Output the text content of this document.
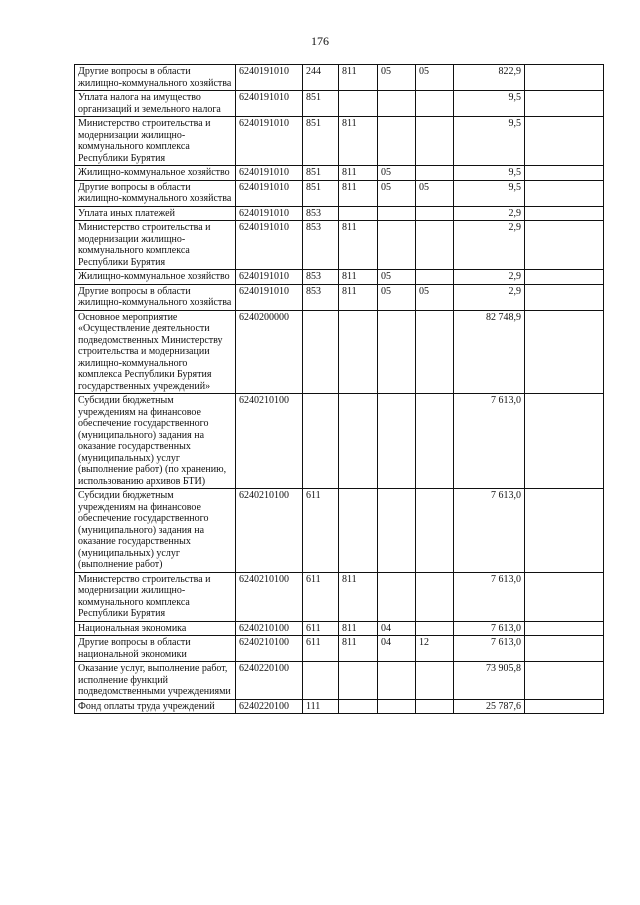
176
Другие вопросы в области жилищно-коммунального хозяйства	6240191010	244	811	05	05	822,9	
Уплата налога на имущество организаций и земельного налога	6240191010	851				9,5	
Министерство строительства и модернизации жилищно-коммунального комплекса Республики Бурятия	6240191010	851	811			9,5	
Жилищно-коммунальное хозяйство	6240191010	851	811	05		9,5	
Другие вопросы в области жилищно-коммунального хозяйства	6240191010	851	811	05	05	9,5	
Уплата иных платежей	6240191010	853				2,9	
Министерство строительства и модернизации жилищно-коммунального комплекса Республики Бурятия	6240191010	853	811			2,9	
Жилищно-коммунальное хозяйство	6240191010	853	811	05		2,9	
Другие вопросы в области жилищно-коммунального хозяйства	6240191010	853	811	05	05	2,9	
Основное мероприятие «Осуществление деятельности подведомственных Министерству строительства и модернизации жилищно-коммунального комплекса Республики Бурятия государственных учреждений»	6240200000					82 748,9	
Субсидии бюджетным учреждениям на финансовое обеспечение государственного (муниципального) задания на оказание государственных (муниципальных) услуг (выполнение работ) (по хранению, использованию архивов БТИ)	6240210100					7 613,0	
Субсидии бюджетным учреждениям на финансовое обеспечение государственного (муниципального) задания на оказание государственных (муниципальных) услуг (выполнение работ)	6240210100	611				7 613,0	
Министерство строительства и модернизации жилищно-коммунального комплекса Республики Бурятия	6240210100	611	811			7 613,0	
Национальная экономика	6240210100	611	811	04		7 613,0	
Другие вопросы в области национальной экономики	6240210100	611	811	04	12	7 613,0	
Оказание услуг, выполнение работ, исполнение функций подведомственными учреждениями	6240220100					73 905,8	
Фонд оплаты труда учреждений	6240220100	111				25 787,6	
